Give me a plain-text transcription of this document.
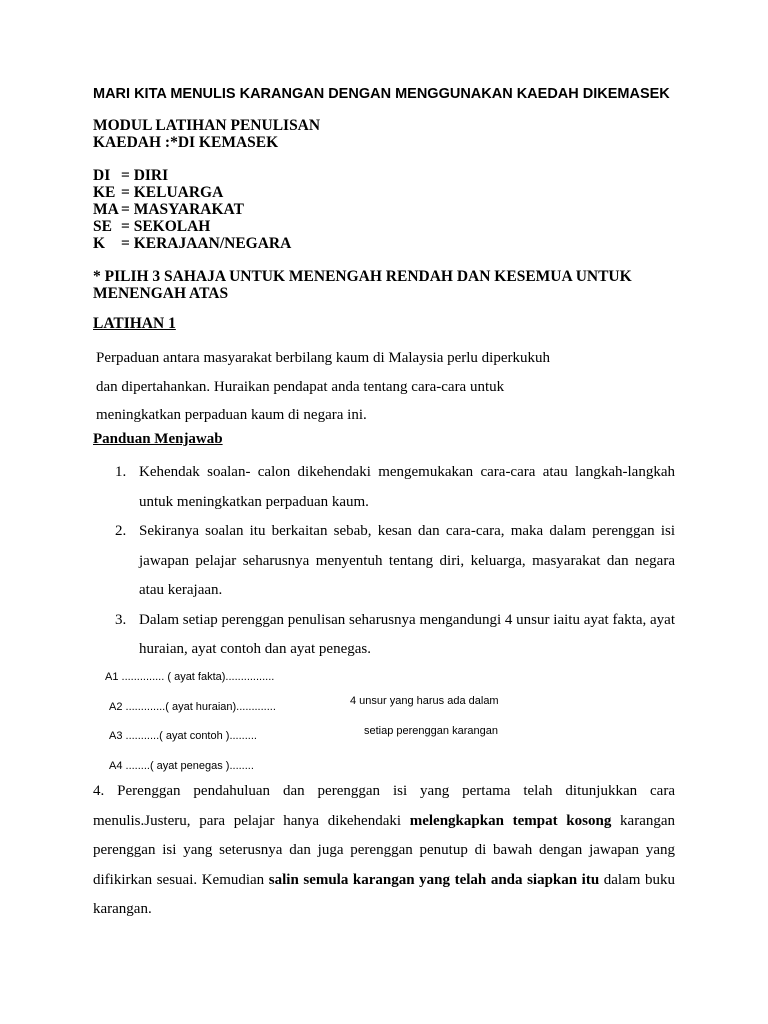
MARI KITA MENULIS KARANGAN DENGAN MENGGUNAKAN KAEDAH DIKEMASEK
MODUL LATIHAN PENULISAN
KAEDAH :*DI KEMASEK
DI = DIRI
KE = KELUARGA
MA = MASYARAKAT
SE = SEKOLAH
K	= KERAJAAN/NEGARA
* PILIH 3 SAHAJA UNTUK MENENGAH RENDAH DAN KESEMUA UNTUK
MENENGAH ATAS
LATIHAN 1
Perpaduan antara masyarakat berbilang kaum di Malaysia perlu diperkukuh
dan dipertahankan. Huraikan pendapat anda tentang cara-cara untuk
meningkatkan perpaduan kaum di negara ini.
Panduan Menjawab
1. Kehendak soalan- calon dikehendaki mengemukakan cara-cara atau langkah-langkah untuk meningkatkan perpaduan kaum.
2. Sekiranya soalan itu berkaitan sebab, kesan dan cara-cara, maka dalam perenggan isi jawapan pelajar seharusnya menyentuh tentang diri, keluarga, masyarakat dan negara atau kerajaan.
3. Dalam setiap perenggan penulisan seharusnya mengandungi 4 unsur iaitu ayat fakta, ayat huraian, ayat contoh dan ayat penegas.
A1 .............. ( ayat fakta)................
A2 .............( ayat huraian).............
A3 ...........( ayat contoh ).........
A4 ........( ayat penegas )........
4 unsur yang harus ada dalam
setiap perenggan karangan
4. Perenggan pendahuluan dan perenggan isi yang pertama telah ditunjukkan cara menulis.Justeru, para pelajar hanya dikehendaki melengkapkan tempat kosong karangan perenggan isi yang seterusnya dan juga perenggan penutup di bawah dengan jawapan yang difikirkan sesuai. Kemudian salin semula karangan yang telah anda siapkan itu dalam buku karangan.
